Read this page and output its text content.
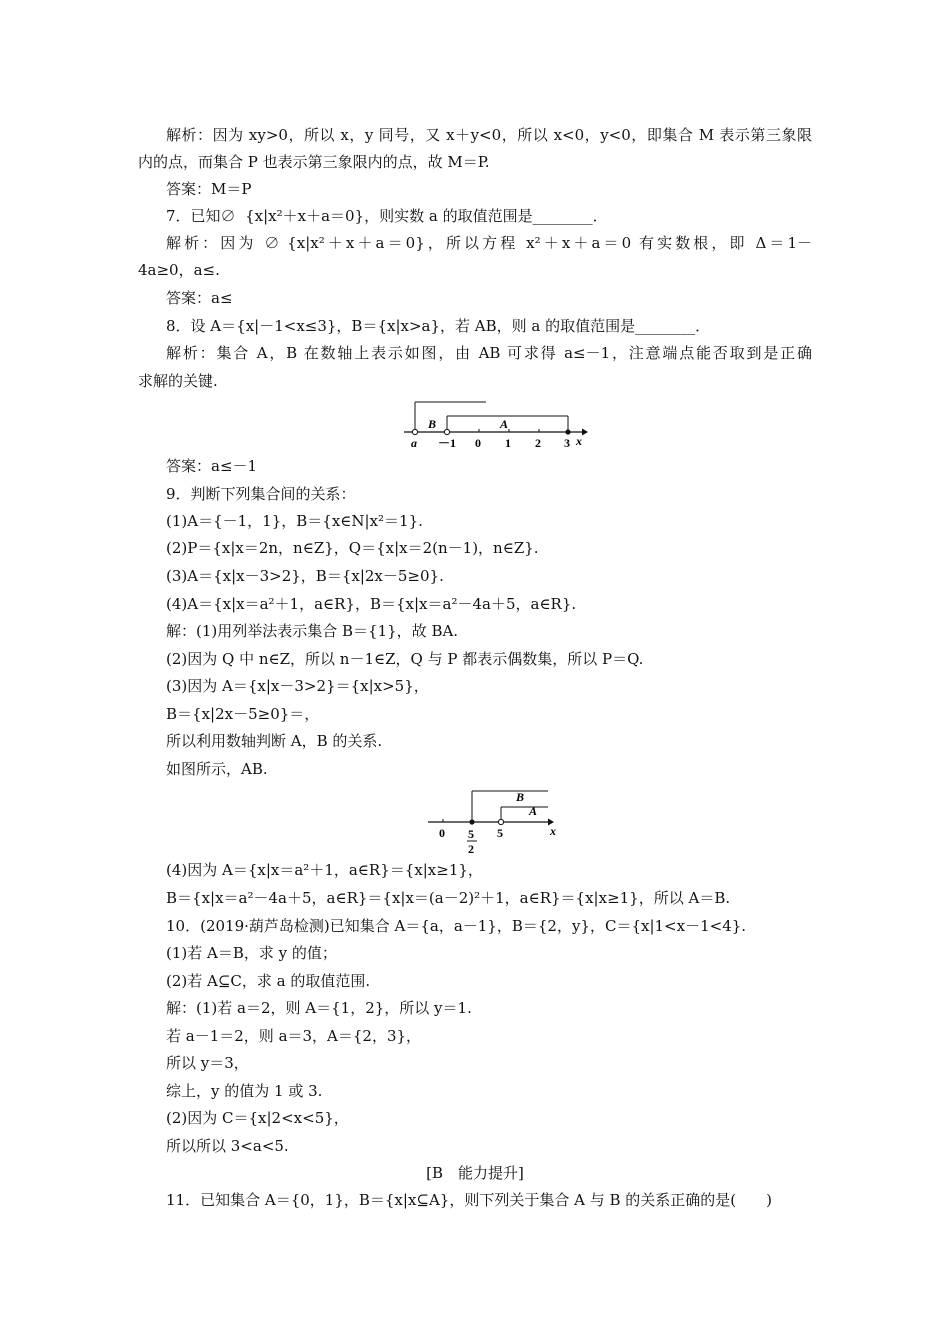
解析：因为 xy>0，所以 x，y 同号，又 x＋y<0，所以 x<0，y<0，即集合 M 表示第三象限
内的点，而集合 P 也表示第三象限内的点，故 M＝P.
答案：M＝P
7．已知∅  {x|x²＋x＋a＝0}，则实数 a 的取值范围是________．
解析：因为 ∅ {x|x²＋x＋a＝0}，所以方程 x²＋x＋a＝0 有实数根，即 Δ＝1－
4a≥0，a≤.
答案：a≤
8．设 A＝{x|－1<x≤3}，B＝{x|x>a}，若 AB，则 a 的取值范围是________．
解析：集合 A，B 在数轴上表示如图，由 AB 可求得 a≤－1，注意端点能否取到是正确
求解的关键.
B	A
a －1 0 1 2 3 x
答案：a≤－1
9．判断下列集合间的关系：
(1)A＝{－1，1}，B＝{x∈N|x²＝1}.
(2)P＝{x|x＝2n，n∈Z}，Q＝{x|x＝2(n－1)，n∈Z}.
(3)A＝{x|x－3>2}，B＝{x|2x－5≥0}.
(4)A＝{x|x＝a²＋1，a∈R}，B＝{x|x＝a²－4a＋5，a∈R}.
解：(1)用列举法表示集合 B＝{1}，故 BA.
(2)因为 Q 中 n∈Z，所以 n－1∈Z，Q 与 P 都表示偶数集，所以 P＝Q.
(3)因为 A＝{x|x－3>2}＝{x|x>5}，
B＝{x|2x－5≥0}＝，
所以利用数轴判断 A，B 的关系.
如图所示，AB.
B
A
0 5
2
5	x
(4)因为 A＝{x|x＝a²＋1，a∈R}＝{x|x≥1}，
B＝{x|x＝a²－4a＋5，a∈R}＝{x|x＝(a－2)²＋1，a∈R}＝{x|x≥1}，所以 A＝B.
10．(2019·葫芦岛检测)已知集合 A＝{a，a－1}，B＝{2，y}，C＝{x|1<x－1<4}.
(1)若 A＝B，求 y 的值；
(2)若 A⊆C，求 a 的取值范围.
解：(1)若 a＝2，则 A＝{1，2}，所以 y＝1.
若 a－1＝2，则 a＝3，A＝{2，3}，
所以 y＝3，
综上，y 的值为 1 或 3.
(2)因为 C＝{x|2<x<5}，
所以所以 3<a<5.
[B　能力提升]
11．已知集合 A＝{0，1}，B＝{x|x⊆A}，则下列关于集合 A 与 B 的关系正确的是(　　)
